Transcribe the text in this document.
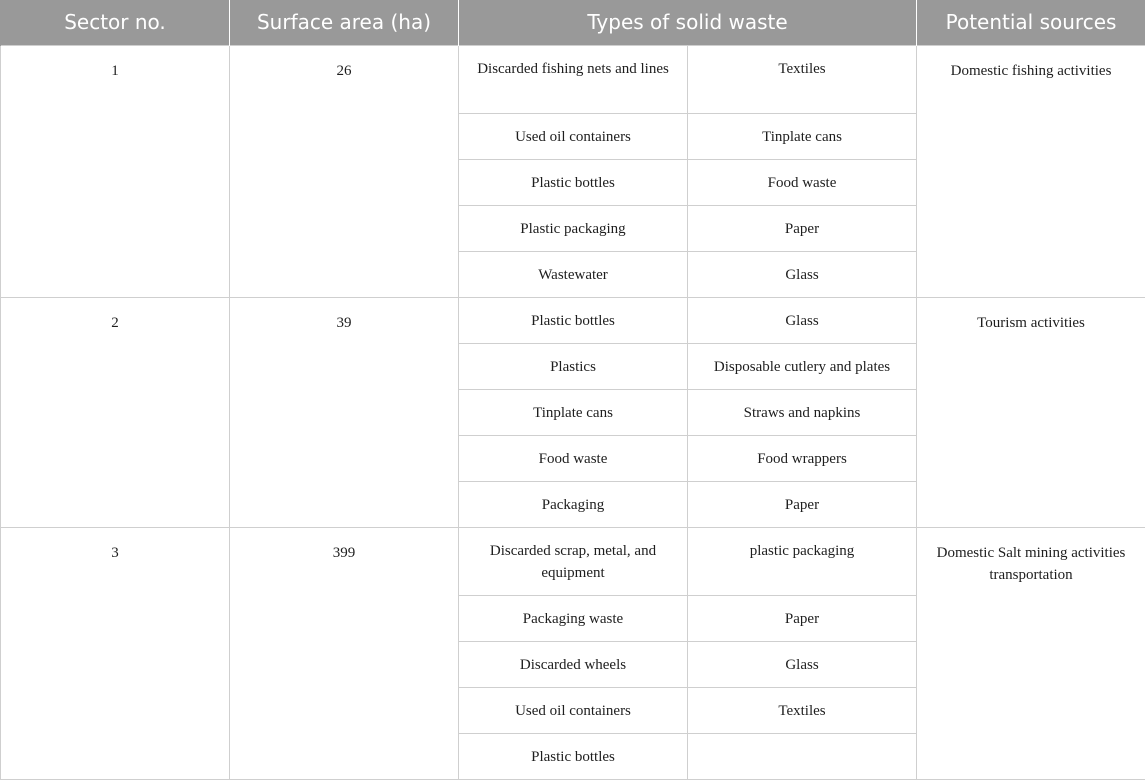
Sector no.	Surface area (ha)	Types of solid waste		Potential sources
1	26	Discarded fishing nets and lines	Textiles	Domestic fishing activities
		Used oil containers	Tinplate cans	
		Plastic bottles	Food waste	
		Plastic packaging	Paper	
		Wastewater	Glass	
2	39	Plastic bottles	Glass	Tourism activities
		Plastics	Disposable cutlery and plates	
		Tinplate cans	Straws and napkins	
		Food waste	Food wrappers	
		Packaging	Paper	
3	399	Discarded scrap, metal, and equipment	plastic packaging	Domestic Salt mining activities transportation
		Packaging waste	Paper	
		Discarded wheels	Glass	
		Used oil containers	Textiles	
		Plastic bottles		
